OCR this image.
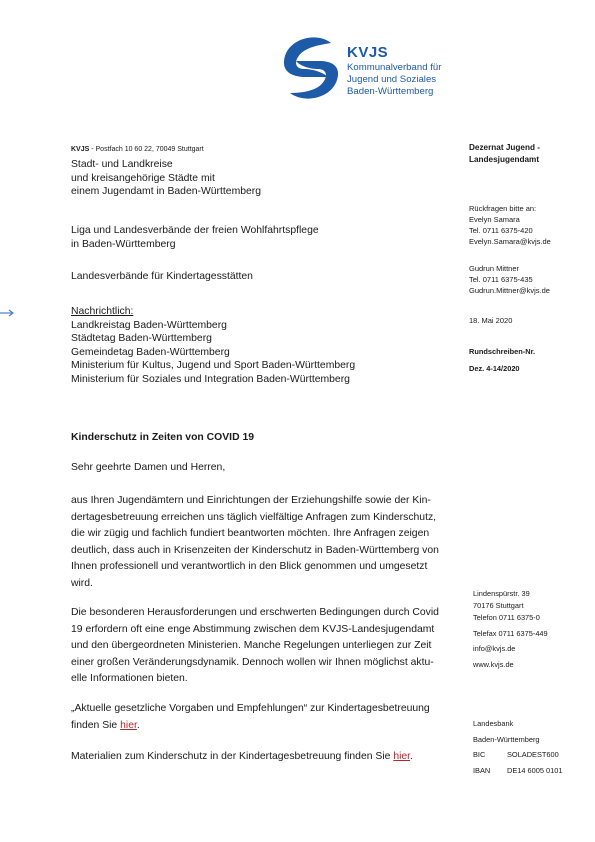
KVJS
Kommunalverband für
Jugend und Soziales
Baden-Württemberg
KVJS - Postfach 10 60 22, 70049 Stuttgart
Stadt- und Landkreise
und kreisangehörige Städte mit
einem Jugendamt in Baden-Württemberg
Liga und Landesverbände der freien Wohlfahrtspflege
in Baden-Württemberg
Landesverbände für Kindertagesstätten
Nachrichtlich:
Landkreistag Baden-Württemberg
Städtetag Baden-Württemberg
Gemeindetag Baden-Württemberg
Ministerium für Kultus, Jugend und Sport Baden-Württemberg
Ministerium für Soziales und Integration Baden-Württemberg
Dezernat Jugend -
Landesjugendamt
Rückfragen bitte an:
Evelyn Samara
Tel. 0711 6375-420
Evelyn.Samara@kvjs.de
Gudrun Mittner
Tel. 0711 6375-435
Gudrun.Mittner@kvjs.de
18. Mai 2020
Rundschreiben-Nr.
Dez. 4-14/2020
Kinderschutz in Zeiten von COVID 19
Sehr geehrte Damen und Herren,
aus Ihren Jugendämtern und Einrichtungen der Erziehungshilfe sowie der Kin-
dertagesbetreuung erreichen uns täglich vielfältige Anfragen zum Kinderschutz,
die wir zügig und fachlich fundiert beantworten möchten. Ihre Anfragen zeigen
deutlich, dass auch in Krisenzeiten der Kinderschutz in Baden-Württemberg von
Ihnen professionell und verantwortlich in den Blick genommen und umgesetzt
wird.
Die besonderen Herausforderungen und erschwerten Bedingungen durch Covid
19 erfordern oft eine enge Abstimmung zwischen dem KVJS-Landesjugendamt
und den übergeordneten Ministerien. Manche Regelungen unterliegen zur Zeit
einer großen Veränderungsdynamik. Dennoch wollen wir Ihnen möglichst aktu-
elle Informationen bieten.
„Aktuelle gesetzliche Vorgaben und Empfehlungen“ zur Kindertagesbetreuung
finden Sie hier.
Materialien zum Kinderschutz in der Kindertagesbetreuung finden Sie hier.
Lindenspürstr. 39
70176 Stuttgart
Telefon 0711 6375-0
Telefax 0711 6375-449
info@kvjs.de
www.kvjs.de
Landesbank
Baden-Württemberg
BIC	SOLADEST600
IBAN DE14 6005 0101
